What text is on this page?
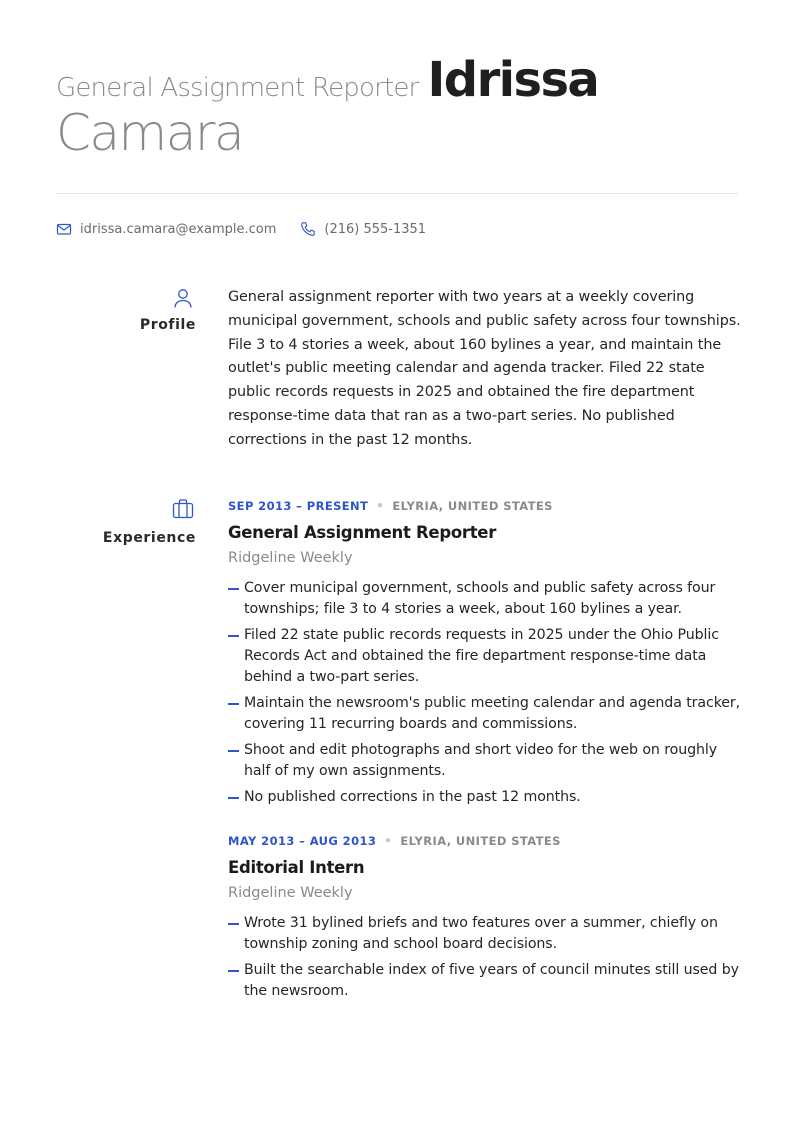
General Assignment Reporter Idrissa
Camara
idrissa.camara@example.com	(216) 555-1351
Profile

General assignment reporter with two years at a weekly covering municipal government, schools and public safety across four townships. File 3 to 4 stories a week, about 160 bylines a year, and maintain the outlet's public meeting calendar and agenda tracker. Filed 22 state public records requests in 2025 and obtained the fire department response-time data that ran as a two-part series. No published corrections in the past 12 months.

Experience
SEP 2013 – PRESENT • ELYRIA, UNITED STATES
General Assignment Reporter
Ridgeline Weekly
Cover municipal government, schools and public safety across four townships; file 3 to 4 stories a week, about 160 bylines a year.
Filed 22 state public records requests in 2025 under the Ohio Public Records Act and obtained the fire department response-time data behind a two-part series.
Maintain the newsroom's public meeting calendar and agenda tracker, covering 11 recurring boards and commissions.
Shoot and edit photographs and short video for the web on roughly half of my own assignments.
No published corrections in the past 12 months.
MAY 2013 – AUG 2013 • ELYRIA, UNITED STATES
Editorial Intern
Ridgeline Weekly
Wrote 31 bylined briefs and two features over a summer, chiefly on township zoning and school board decisions.
Built the searchable index of five years of council minutes still used by the newsroom.
